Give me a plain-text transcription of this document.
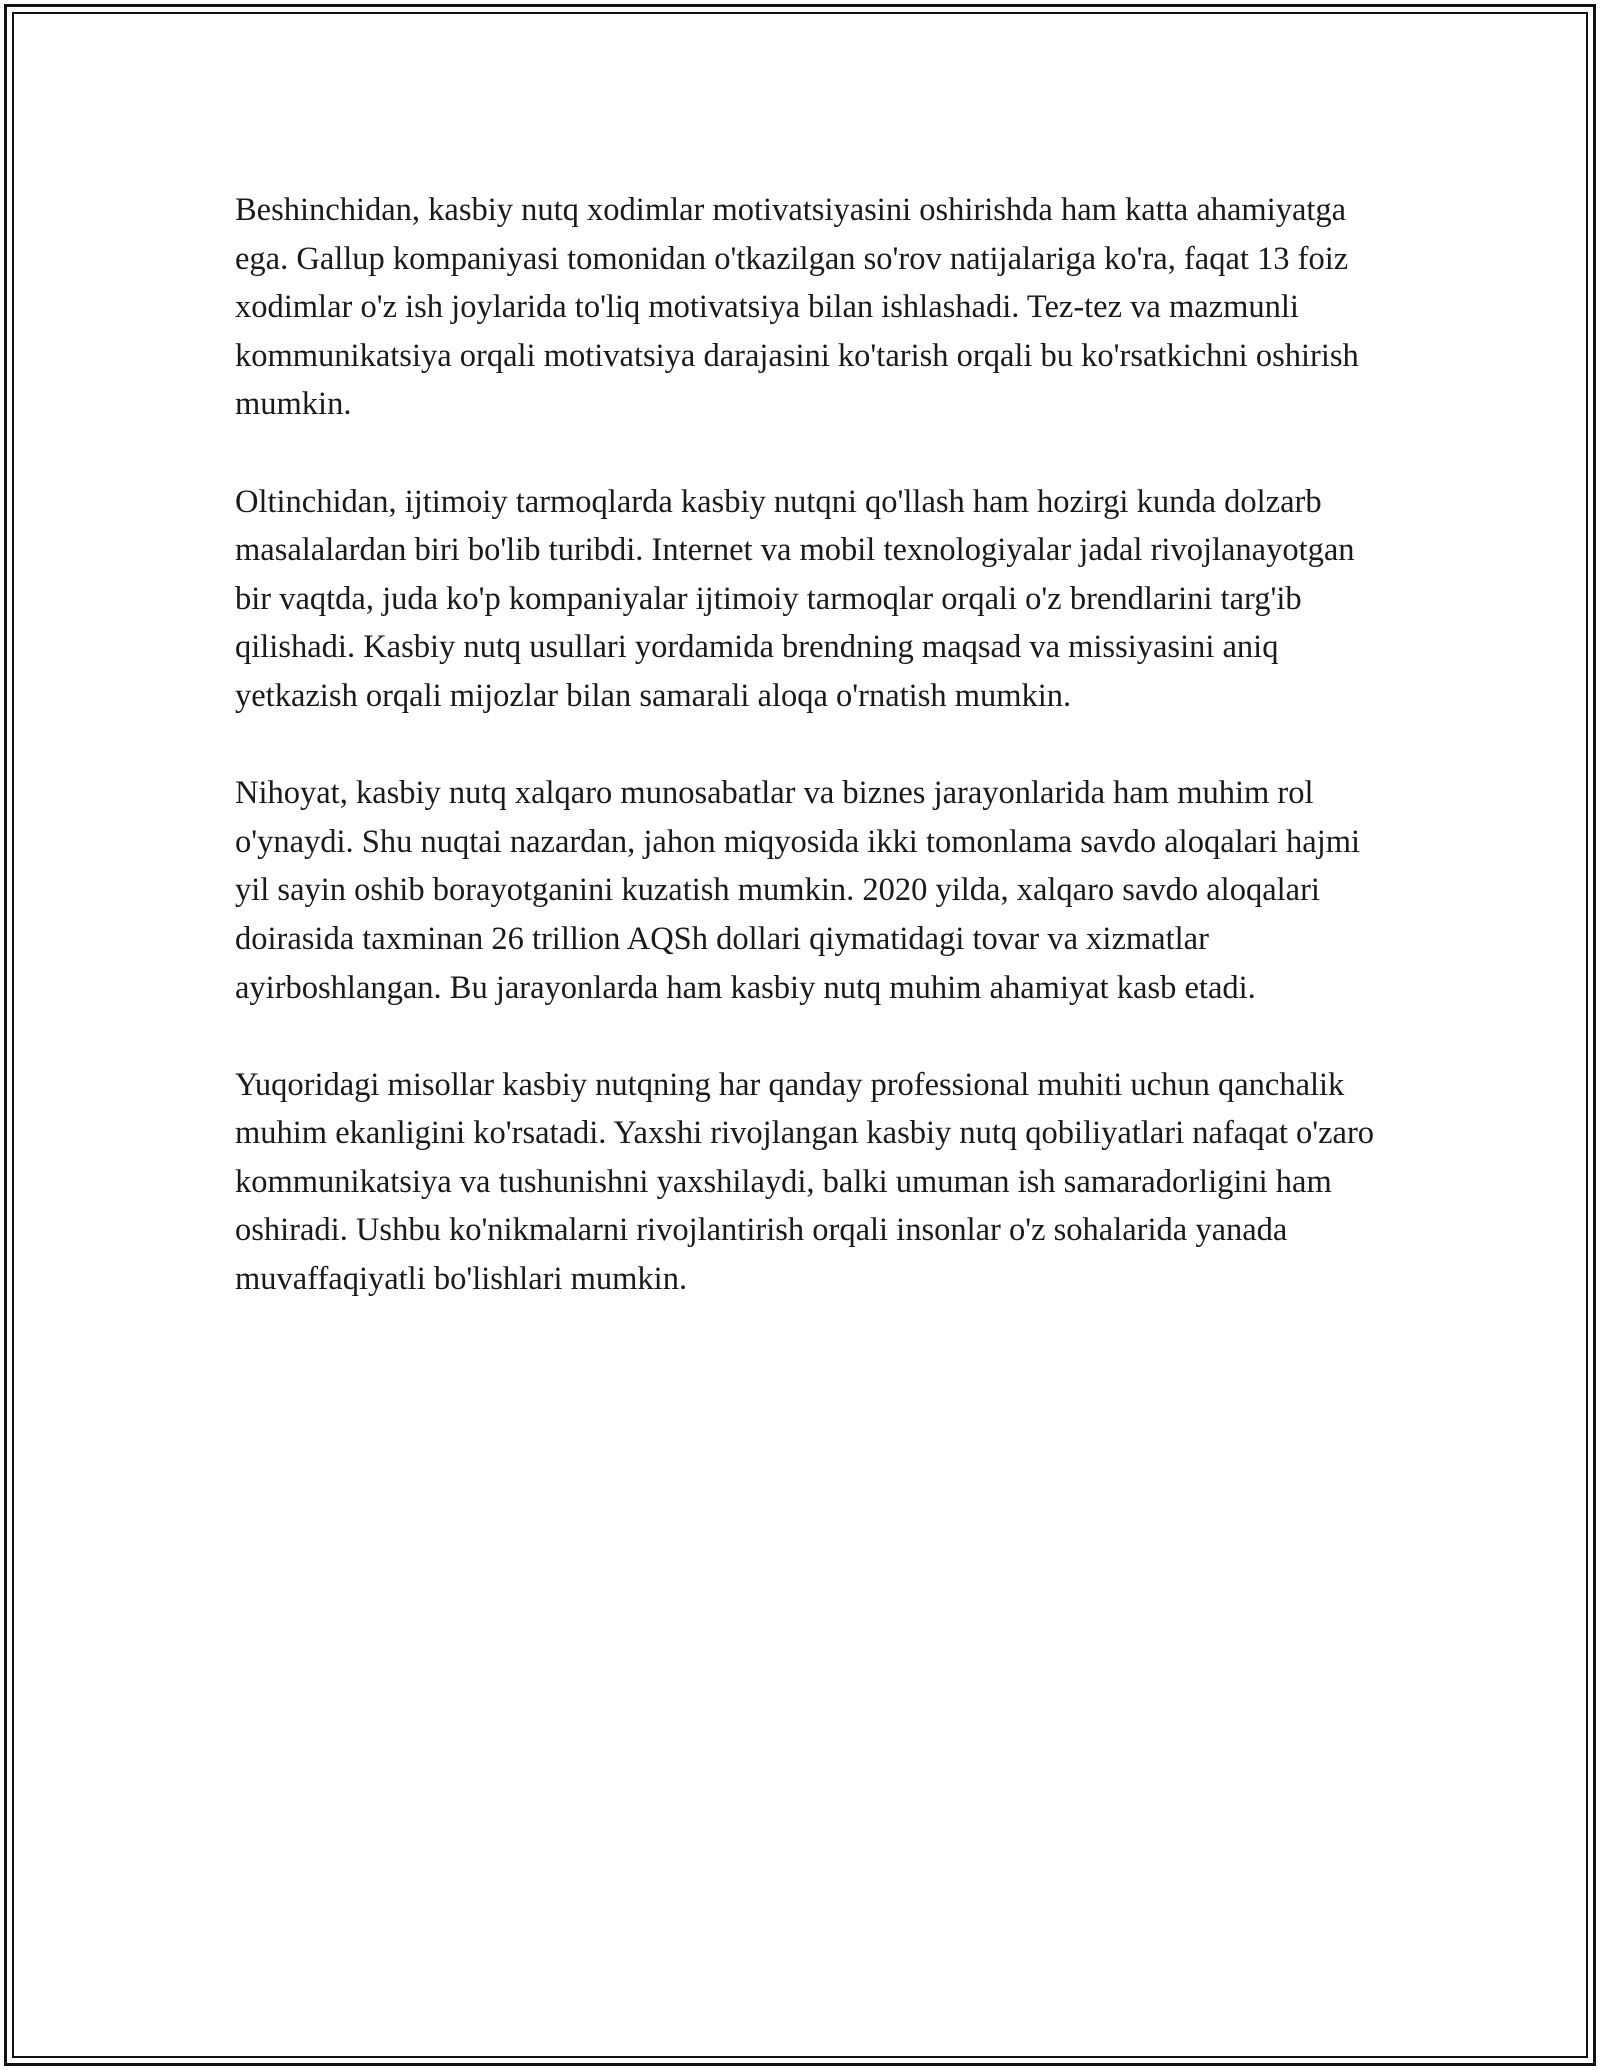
Beshinchidan, kasbiy nutq xodimlar motivatsiyasini oshirishda ham katta ahamiyatga ega. Gallup kompaniyasi tomonidan o'tkazilgan so'rov natijalariga ko'ra, faqat 13 foiz xodimlar o'z ish joylarida to'liq motivatsiya bilan ishlashadi. Tez-tez va mazmunli kommunikatsiya orqali motivatsiya darajasini ko'tarish orqali bu ko'rsatkichni oshirish mumkin.

Oltinchidan, ijtimoiy tarmoqlarda kasbiy nutqni qo'llash ham hozirgi kunda dolzarb masalalardan biri bo'lib turibdi. Internet va mobil texnologiyalar jadal rivojlanayotgan bir vaqtda, juda ko'p kompaniyalar ijtimoiy tarmoqlar orqali o'z brendlarini targ'ib qilishadi. Kasbiy nutq usullari yordamida brendning maqsad va missiyasini aniq yetkazish orqali mijozlar bilan samarali aloqa o'rnatish mumkin.

Nihoyat, kasbiy nutq xalqaro munosabatlar va biznes jarayonlarida ham muhim rol o'ynaydi. Shu nuqtai nazardan, jahon miqyosida ikki tomonlama savdo aloqalari hajmi yil sayin oshib borayotganini kuzatish mumkin. 2020 yilda, xalqaro savdo aloqalari doirasida taxminan 26 trillion AQSh dollari qiymatidagi tovar va xizmatlar ayirboshlangan. Bu jarayonlarda ham kasbiy nutq muhim ahamiyat kasb etadi.

Yuqoridagi misollar kasbiy nutqning har qanday professional muhiti uchun qanchalik muhim ekanligini ko'rsatadi. Yaxshi rivojlangan kasbiy nutq qobiliyatlari nafaqat o'zaro kommunikatsiya va tushunishni yaxshilaydi, balki umuman ish samaradorligini ham oshiradi. Ushbu ko'nikmalarni rivojlantirish orqali insonlar o'z sohalarida yanada muvaffaqiyatli bo'lishlari mumkin.
